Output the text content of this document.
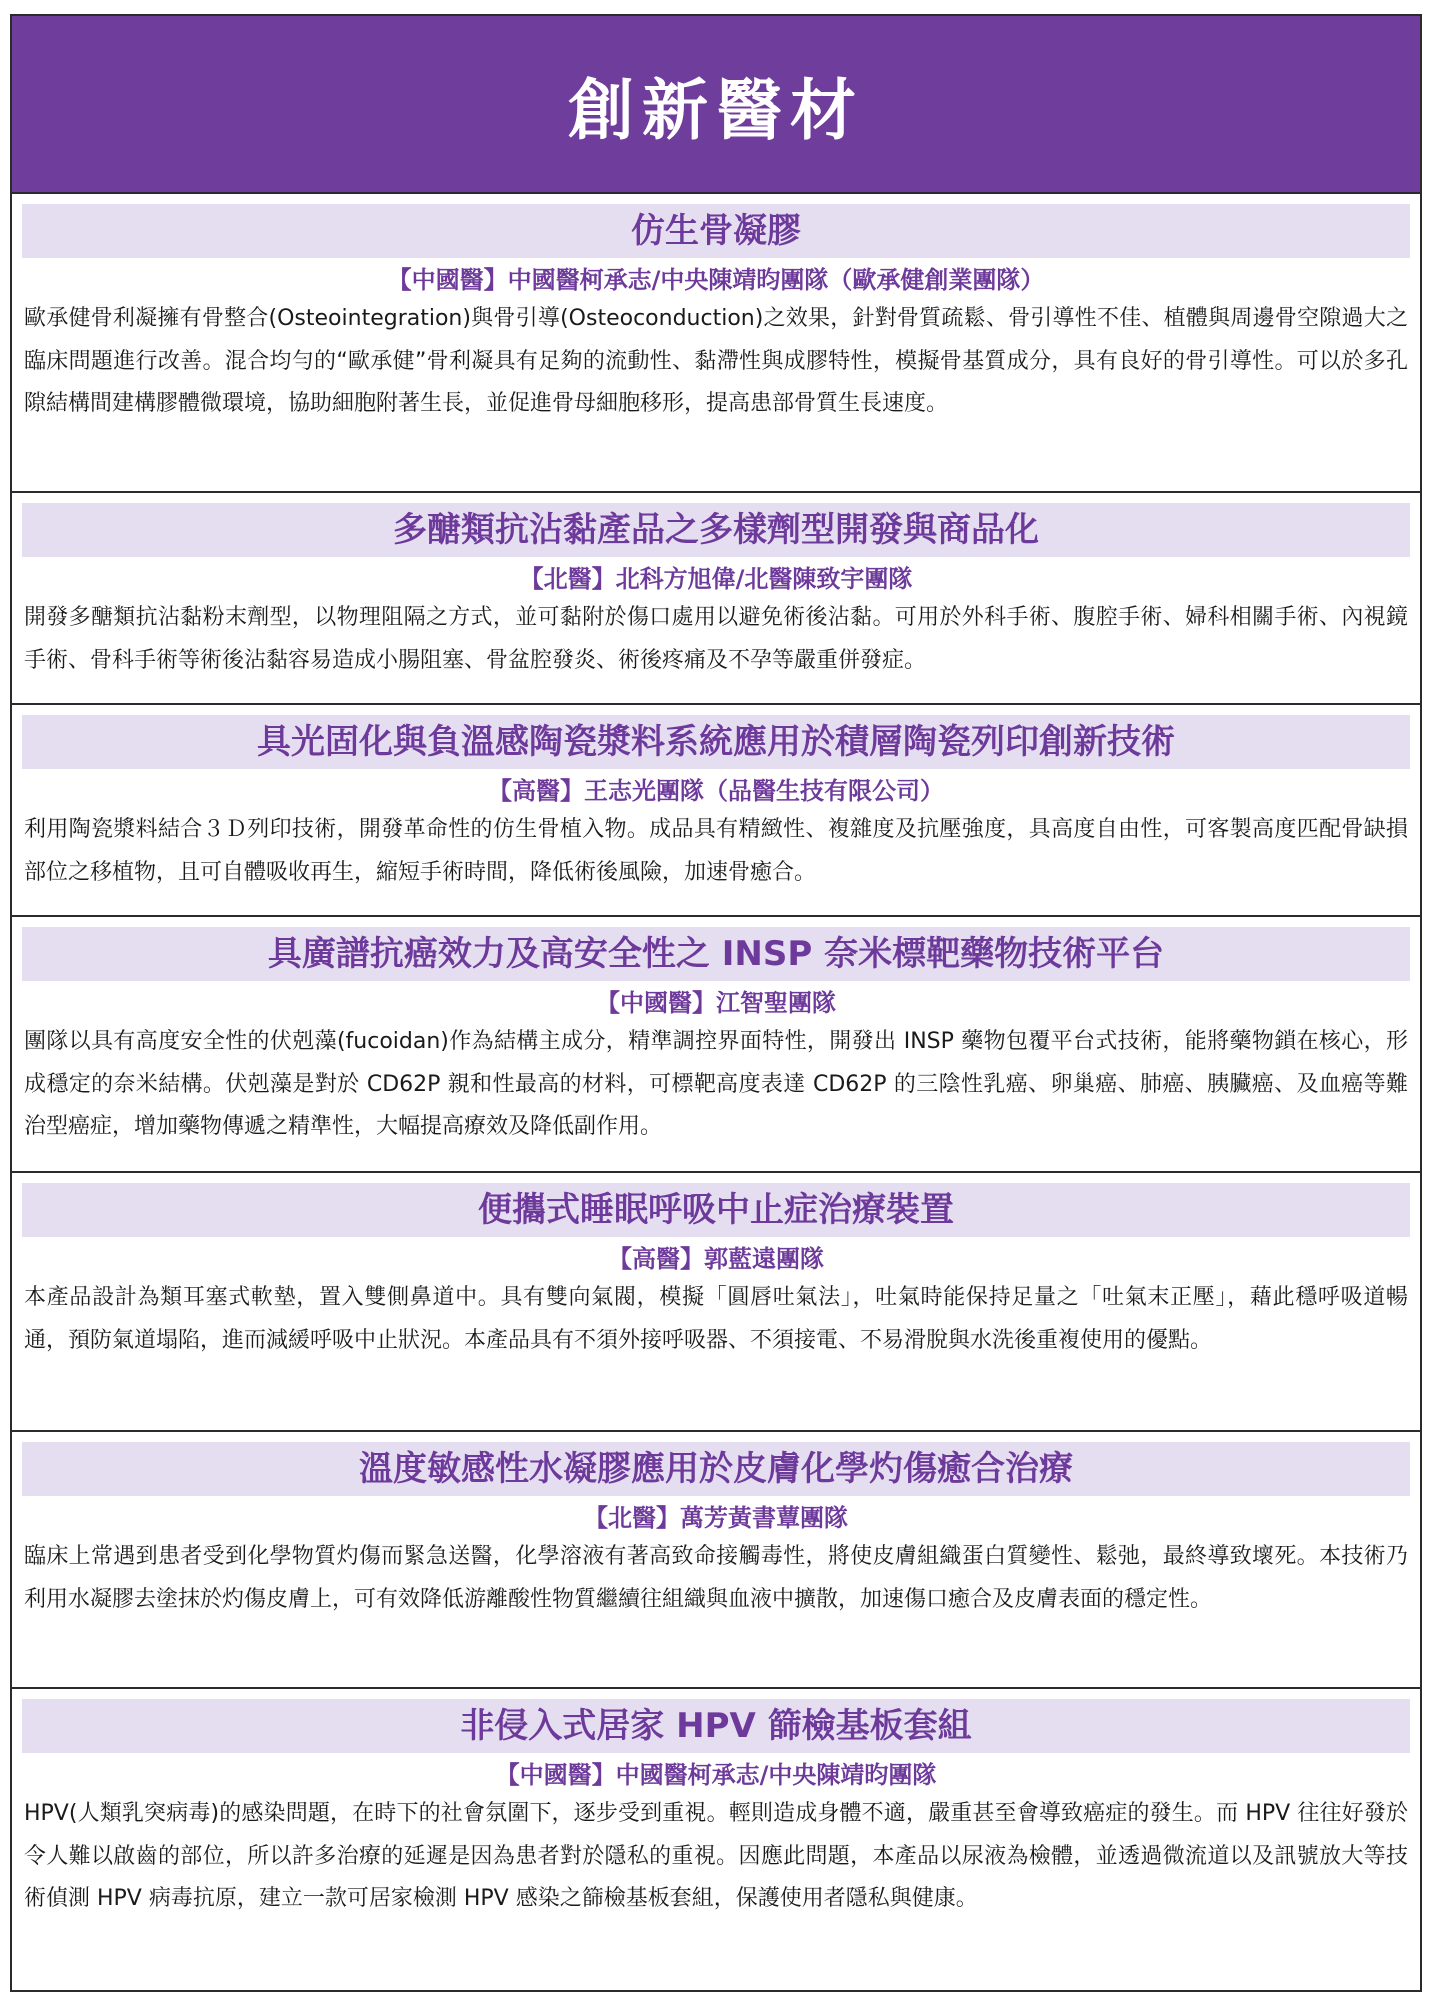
創新醫材
仿生骨凝膠
【中國醫】中國醫柯承志/中央陳靖昀團隊（歐承健創業團隊）
歐承健骨利凝擁有骨整合(Osteointegration)與骨引導(Osteoconduction)之效果，針對骨質疏鬆、骨引導性不佳、植體與周邊骨空隙過大之臨床問題進行改善。混合均勻的“歐承健”骨利凝具有足夠的流動性、黏滯性與成膠特性，模擬骨基質成分，具有良好的骨引導性。可以於多孔隙結構間建構膠體微環境，協助細胞附著生長，並促進骨母細胞移形，提高患部骨質生長速度。
多醣類抗沾黏產品之多樣劑型開發與商品化
【北醫】北科方旭偉/北醫陳致宇團隊
開發多醣類抗沾黏粉末劑型，以物理阻隔之方式，並可黏附於傷口處用以避免術後沾黏。可用於外科手術、腹腔手術、婦科相關手術、內視鏡手術、骨科手術等術後沾黏容易造成小腸阻塞、骨盆腔發炎、術後疼痛及不孕等嚴重併發症。
具光固化與負溫感陶瓷漿料系統應用於積層陶瓷列印創新技術
【高醫】王志光團隊（品醫生技有限公司）
利用陶瓷漿料結合３Ｄ列印技術，開發革命性的仿生骨植入物。成品具有精緻性、複雜度及抗壓強度，具高度自由性，可客製高度匹配骨缺損部位之移植物，且可自體吸收再生，縮短手術時間，降低術後風險，加速骨癒合。
具廣譜抗癌效力及高安全性之 INSP 奈米標靶藥物技術平台
【中國醫】江智聖團隊
團隊以具有高度安全性的伏剋藻(fucoidan)作為結構主成分，精準調控界面特性，開發出 INSP 藥物包覆平台式技術，能將藥物鎖在核心，形成穩定的奈米結構。伏剋藻是對於 CD62P 親和性最高的材料，可標靶高度表達 CD62P 的三陰性乳癌、卵巢癌、肺癌、胰臟癌、及血癌等難治型癌症，增加藥物傳遞之精準性，大幅提高療效及降低副作用。
便攜式睡眠呼吸中止症治療裝置
【高醫】郭藍遠團隊
本產品設計為類耳塞式軟墊，置入雙側鼻道中。具有雙向氣閥，模擬「圓唇吐氣法」，吐氣時能保持足量之「吐氣末正壓」，藉此穩呼吸道暢通，預防氣道塌陷，進而減緩呼吸中止狀況。本產品具有不須外接呼吸器、不須接電、不易滑脫與水洗後重複使用的優點。
溫度敏感性水凝膠應用於皮膚化學灼傷癒合治療
【北醫】萬芳黃書蕈團隊
臨床上常遇到患者受到化學物質灼傷而緊急送醫，化學溶液有著高致命接觸毒性，將使皮膚組織蛋白質變性、鬆弛，最終導致壞死。本技術乃利用水凝膠去塗抹於灼傷皮膚上，可有效降低游離酸性物質繼續往組織與血液中擴散，加速傷口癒合及皮膚表面的穩定性。
非侵入式居家 HPV 篩檢基板套組
【中國醫】中國醫柯承志/中央陳靖昀團隊
HPV(人類乳突病毒)的感染問題，在時下的社會氛圍下，逐步受到重視。輕則造成身體不適，嚴重甚至會導致癌症的發生。而 HPV 往往好發於令人難以啟齒的部位，所以許多治療的延遲是因為患者對於隱私的重視。因應此問題，本產品以尿液為檢體，並透過微流道以及訊號放大等技術偵測 HPV 病毒抗原，建立一款可居家檢測 HPV 感染之篩檢基板套組，保護使用者隱私與健康。
